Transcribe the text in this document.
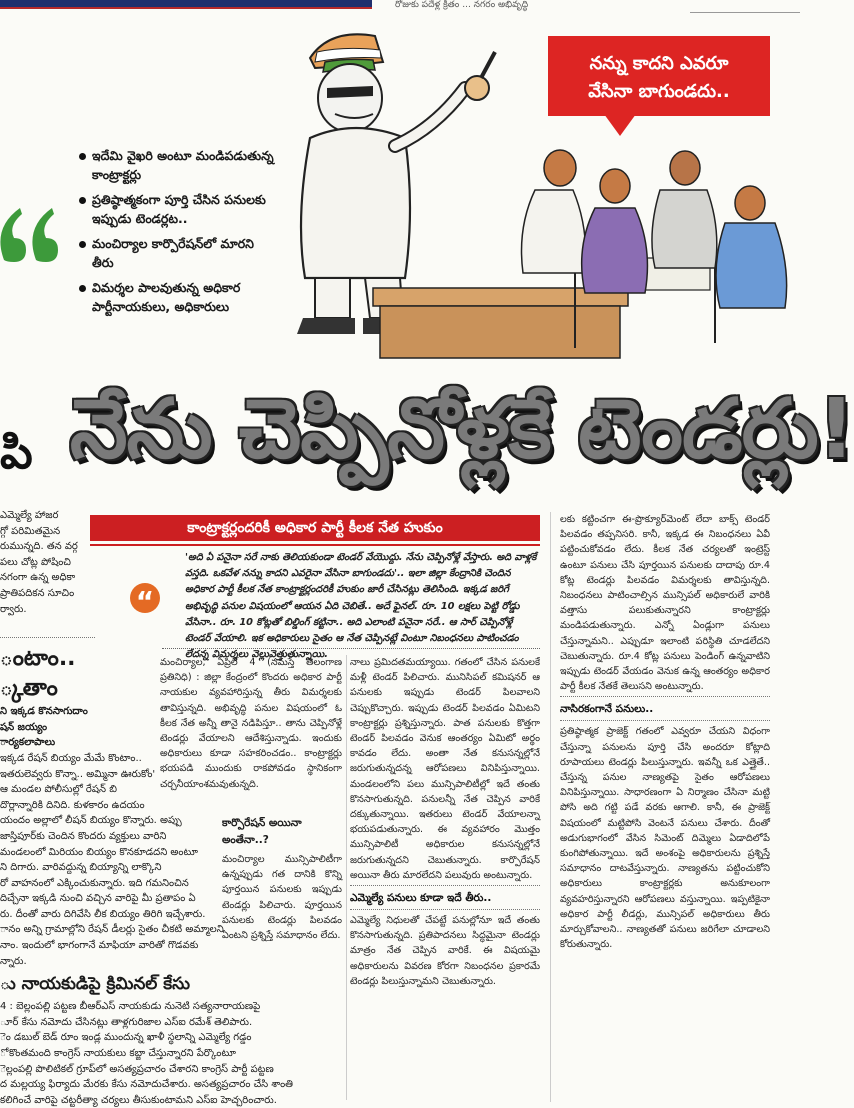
రోజుకు పదేళ్ల క్రితం ... నగరం అభివృద్ధి
నన్ను కాదని ఎవరూ
వేసినా బాగుండదు..
ఇదేమి వైఖరి అంటూ మండిపడుతున్న కాంట్రాక్టర్లు
ప్రతిష్ఠాత్మకంగా పూర్తి చేసిన పనులకు ఇప్పుడు టెండర్లట..
మంచిర్యాల కార్పొరేషన్‌లో మారని తీరు
విమర్శల పాలవుతున్న అధికార పార్టీనాయకులు, అధికారులు
నేను చెప్పినోళ్లకే టెండర్లు!
పి

ఎమ్మెల్యే హాజర

గ్గో పరిమితమైన

రుమున్నది. తన వర్గ

పలు చోట్ల పోషించి

నగంగా ఉన్న అధికా

ప్రాతిపదికన సూచిం

ర్వారు.

ంటాం..
్కతాం

ని ఇక్కడ కొనసాగుదాం

షన్ జయ్యం

ార్యకలాపాలు

ఇక్కడ రేషన్ బియ్యం మేమే కొంటాం..

ఇతరులెవ్వరు కొన్నా.. అమ్మినా ఊరుకోం'

ఆ మండల పోలీసుల్లో రేషన్ బి

దొర్లాన్నారికి దినిది. కుళకారం ఉదయం

యందం అల్లాలో లీషన్ బియ్యం కొన్నారు. అప్పు

జాస్తిపూర్‌కు చెందిన కొందరు వ్యక్తులు వారిని

మండలంలో మిరియం బియ్యం కొనకూడదని అంటూ

ని దిగారు. వారివద్దున్న బియ్యాన్ని లాక్కొని

రో వాహనంలో ఎక్కించుకున్నారు. ఇది గమనించిన

దిచ్చేనా ఇక్కడి నుంచి వచ్చిన వారిపై మీ ప్రతాపం ఏ

రు. దీంతో వారు దిగివేసి లీక బియ్యం తిరిగి ఇచ్చేశారు.

ానం అన్ని గ్రామాల్లోని రేషన్ డీలర్లు సైతం చీకటి అమ్మాలని

నాం. ఇందులో భాగంగానే మాఫియా వారితో గొడవకు

న్నారు.

ు నాయకుడిపై క్రిమినల్ కేసు

4 : బెల్లంపల్లి పట్టణ బీఆర్ఎస్ నాయకుడు నునెటి సత్యనారాయణపై

ూర్ కేసు నమోదు చేసినట్లు తాళ్లగురిజాల ఎస్ఐ రమేశ్ తెలిపారు.

ెం డబుల్ బెడ్ రూం ఇండ్ల ముందున్న ఖాళీ స్థలాన్ని ఎమ్మెల్యే గడ్డం

ో కొంతమంది కాంగ్రెస్ నాయకులు కబ్జా చేస్తున్నారని పేర్కొంటూ

ెల్లంపల్లి పొలిటికల్ గ్రూప్‌లో అసత్యప్రచారం చేశారని కాంగ్రెస్ పార్టీ పట్టణ

ద మల్లయ్య ఫిర్యాదు మేరకు కేసు నమోదుచేశారు. అసత్యప్రచారం చేసి శాంతి

కలిగించే వారిపై చట్టరీత్యా చర్యలు తీసుకుంటామని ఎస్ఐ హెచ్చరించారు.

కాంట్రాక్టర్లందరికీ అధికార పార్టీ కీలక నేత హుకుం
“
'అది ఏ పనైనా సరే నాకు తెలియకుండా టెండర్ వేయొద్దు. నేను చెప్పినోళ్లే వేస్తారు. అది వాళ్లకే వస్తది. ఒకవేళ నన్ను కాదని ఎవరైనా వేసినా బాగుండదు'.. ఇలా జిల్లా కేంద్రానికి చెందిన అధికార పార్టీ కీలక నేత కాంట్రాక్టర్లందరికీ హుకుం జారీ చేసినట్లు తెలిసింది. ఇక్కడ జరిగే అభివృద్ధి పనుల విషయంలో ఆయన ఏది చెబితే.. అదే ఫైనల్. రూ. 10 లక్షలు పెట్టి రోడ్డు వేసినా.. రూ. 10 కోట్లతో బిల్డింగ్ కట్టినా.. అది ఎలాంటి పనైనా సరే.. ఆ సార్ చెప్పినోళ్లే టెండర్ వేయాలి. ఇక అధికారులు సైతం ఆ నేత చెప్పినట్లే వింటూ నిబంధనలు పాటించడం లేదన్న విమర్శలు వెల్లువెత్తుతున్నాయి.

మంచిర్యాల, ఏప్రిల్ 4 (నమస్తే తెలంగాణ ప్రతినిధి) : జిల్లా కేంద్రంలో కొందరు అధికార పార్టీ నాయకుల వ్యవహారిస్తున్న తీరు విమర్శలకు తావిస్తున్నది. అభివృద్ధి పనుల విషయంలో ఓ కీలక నేత అన్నీ తానై నడిపిస్తూ.. తాను చెప్పినోళ్లే టెండర్లు వేయాలని ఆదేశిస్తున్నాడు. ఇందుకు అధికారులు కూడా సహకరించడం.. కాంట్రాక్టర్లు భయపడి ముందుకు రాకపోవడం స్థానికంగా చర్చనీయాంశమవుతున్నది.

కార్పొరేషన్ అయినా అంతేనా..?

మంచిర్యాల మున్సిపాలిటీగా ఉన్నప్పుడు గత దానికి కొన్ని పూర్తయిన పనులకు ఇప్పుడు టెండర్లు పిలిచారు. పూర్తయిన పనులకు టెండర్లు పిలవడం ఏంటని ప్రశ్నిస్తే సమాధానం లేదు.

నాలు ప్రమిదతమయ్యాయి. గతంలో చేసిన పనులకే మళ్లీ టెండర్ పిలిచారు. మునిసిపల్ కమిషనర్ ఆ పనులకు ఇప్పుడు టెండర్ పిలవాలని చెప్పుకొచ్చారు. ఇప్పుడు టెండర్ పిలవడం ఏమిటని కాంట్రాక్టర్లు ప్రశ్నిస్తున్నారు. పాత పనులకు కొత్తగా టెండర్ పిలవడం వెనుక ఆంతర్యం ఏమిటో అర్థం కావడం లేదు. అంతా నేత కనుసన్నల్లోనే జరుగుతున్నదన్న ఆరోపణలు వినిపిస్తున్నాయి. మండలంలోని పలు మున్సిపాలిటీల్లో ఇదే తంతు కొనసాగుతున్నది. పనులన్నీ నేత చెప్పిన వారికే దక్కుతున్నాయి. ఇతరులు టెండర్ వేయాలన్నా భయపడుతున్నారు. ఈ వ్యవహారం మొత్తం మున్సిపాలిటీ అధికారుల కనుసన్నల్లోనే జరుగుతున్నదని చెబుతున్నారు. కార్పొరేషన్ అయినా తీరు మారలేదని పలువురు అంటున్నారు.

ఎమ్మెల్యే పనులు కూడా ఇదే తీరు..

ఎమ్మెల్యే నిధులతో చేపట్టే పనుల్లోనూ ఇదే తంతు కొనసాగుతున్నది. ప్రతిపాదనలు సిద్ధమైనా టెండర్లు మాత్రం నేత చెప్పిన వారికే. ఈ విషయమై అధికారులను వివరణ కోరగా నిబంధనల ప్రకారమే టెండర్లు పిలుస్తున్నామని చెబుతున్నారు.

లకు కట్టించగా ఈ-ప్రొక్యూర్‌మెంట్ లేదా బాక్స్ టెండర్ పిలవడం తప్పనిసరి. కానీ, ఇక్కడ ఈ నిబంధనలు ఏవీ పట్టించుకోవడం లేదు. కీలక నేత చర్యలతో ఇంట్రెస్ట్ ఉంటూ పనులు చేసి పూర్తయిన పనులకు దాదాపు రూ.4 కోట్ల టెండర్లు పిలవడం విమర్శలకు తావిస్తున్నది. నిబంధనలు పాటించాల్సిన మున్సిపల్ అధికారులే వారికి వత్తాసు పలుకుతున్నారని కాంట్రాక్టర్లు మండిపడుతున్నారు. ఎన్నో ఏండ్లుగా పనులు చేస్తున్నామని.. ఎప్పుడూ ఇలాంటి పరిస్థితి చూడలేదని చెబుతున్నారు. రూ.4 కోట్ల పనులు పెండింగ్ ఉన్నవాటిని ఇప్పుడు టెండర్ వేయడం వెనుక ఉన్న ఆంతర్యం అధికార పార్టీ కీలక నేతకే తెలుసని అంటున్నారు.

నాసిరకంగానే పనులు..

ప్రతిష్ఠాత్మక ప్రాజెక్ట్ గతంలో ఎవ్వరూ చేయని విధంగా చేస్తున్నా పనులను పూర్తి చేసి అందరూ కోట్లాది రూపాయలు టెండర్లు పిలుస్తున్నారు. ఇవన్నీ ఒక ఎత్తైతే.. చేస్తున్న పనుల నాణ్యతపై సైతం ఆరోపణలు వినిపిస్తున్నాయి. సాధారణంగా ఏ నిర్మాణం చేసినా మట్టి పోసి అది గట్టి పడే వరకు ఆగాలి. కానీ, ఈ ప్రాజెక్ట్ విషయంలో మట్టిపోసి వెంటనే పనులు చేశారు. దీంతో అడుగుభాగంలో వేసిన సిమెంట్ దిమ్మెలు ఏడాదిలోపే కుంగిపోతున్నాయి. ఇదే అంశంపై అధికారులను ప్రశ్నిస్తే సమాధానం దాటవేస్తున్నారు. నాణ్యతను పట్టించుకోని అధికారులు కాంట్రాక్టర్లకు అనుకూలంగా వ్యవహరిస్తున్నారని ఆరోపణలు వస్తున్నాయి. ఇప్పటికైనా అధికార పార్టీ లీడర్లు, మున్సిపల్ అధికారులు తీరు మార్చుకోవాలని.. నాణ్యతతో పనులు జరిగేలా చూడాలని కోరుతున్నారు.
